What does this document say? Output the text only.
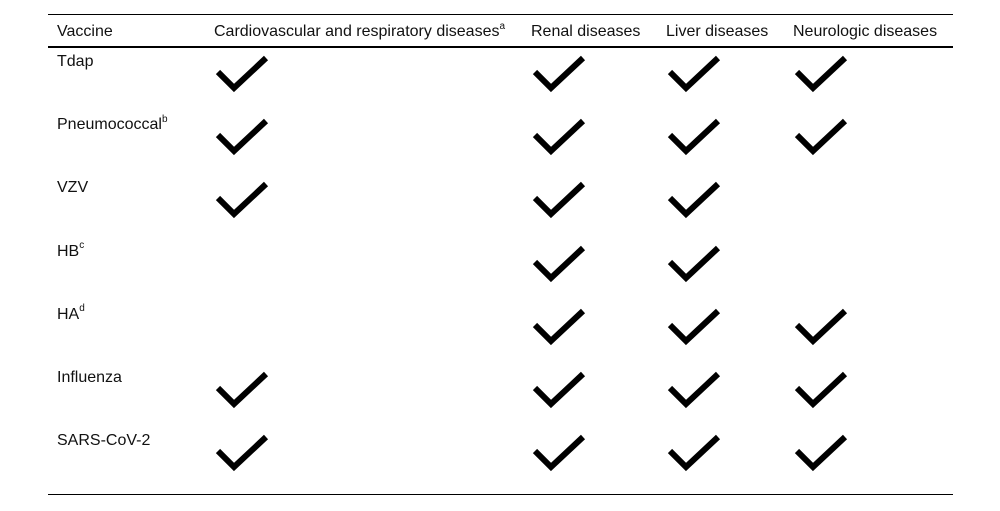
Vaccine	Cardiovascular and respiratory diseases$^a$ Renal diseases Liver diseases Neurologic diseases
Tdap
Pneumococcal$^b$
VZV
$HB^c$
$HA^d$
Influenza
SARS-CoV-2
